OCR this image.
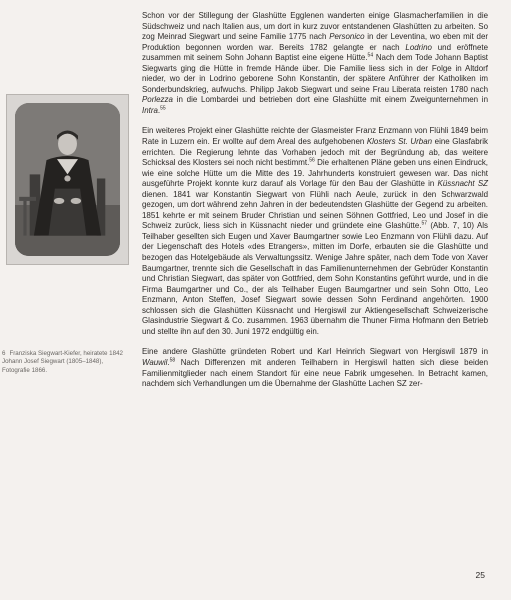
6 Franziska Siegwart-Kiefer, heiratete 1842 Johann Josef Siegwart (1805–1848), Fotografie 1866.

Schon vor der Stillegung der Glashütte Egglenen wanderten einige Glasmacherfamilien in die Südschweiz und nach Italien aus, um dort in kurz zuvor entstandenen Glashütten zu arbeiten. So zog Meinrad Siegwart und seine Familie 1775 nach Personico in der Leventina, wo eben mit der Produktion begonnen worden war. Bereits 1782 gelangte er nach Lodrino und eröffnete zusammen mit seinem Sohn Johann Baptist eine eigene Hütte.$^{54}$ Nach dem Tode Johann Baptist Siegwarts ging die Hütte in fremde Hände über. Die Familie liess sich in der Folge in Altdorf nieder, wo der in Lodrino geborene Sohn Konstantin, der spätere Anführer der Katholiken im Sonderbundskrieg, aufwuchs. Philipp Jakob Siegwart und seine Frau Liberata reisten 1780 nach Porlezza in die Lombardei und betrieben dort eine Glashütte mit einem Zweigunternehmen in Intra.$^{55}$

Ein weiteres Projekt einer Glashütte reichte der Glasmeister Franz Enzmann von Flühli 1849 beim Rate in Luzern ein. Er wollte auf dem Areal des aufgehobenen Klosters St. Urban eine Glasfabrik errichten. Die Regierung lehnte das Vorhaben jedoch mit der Begründung ab, das weitere Schicksal des Klosters sei noch nicht bestimmt.$^{56}$ Die erhaltenen Pläne geben uns einen Eindruck, wie eine solche Hütte um die Mitte des 19. Jahrhunderts konstruiert gewesen war. Das nicht ausgeführte Projekt konnte kurz darauf als Vorlage für den Bau der Glashütte in Küssnacht SZ dienen. 1841 war Konstantin Siegwart von Flühli nach Aeule, zurück in den Schwarzwald gezogen, um dort während zehn Jahren in der bedeutendsten Glashütte der Gegend zu arbeiten. 1851 kehrte er mit seinem Bruder Christian und seinen Söhnen Gottfried, Leo und Josef in die Schweiz zurück, liess sich in Küssnacht nieder und gründete eine Glashütte.$^{57}$ (Abb. 7, 10) Als Teilhaber gesellten sich Eugen und Xaver Baumgartner sowie Leo Enzmann von Flühli dazu. Auf der Liegenschaft des Hotels «des Etrangers», mitten im Dorfe, erbauten sie die Glashütte und bezogen das Hotelgebäude als Verwaltungssitz. Wenige Jahre später, nach dem Tode von Xaver Baumgartner, trennte sich die Gesellschaft in das Familienunternehmen der Gebrüder Konstantin und Christian Siegwart, das später von Gottfried, dem Sohn Konstantins geführt wurde, und in die Firma Baumgartner und Co., der als Teilhaber Eugen Baumgartner und sein Sohn Otto, Leo Enzmann, Anton Steffen, Josef Siegwart sowie dessen Sohn Ferdinand angehörten. 1900 schlossen sich die Glashütten Küssnacht und Hergiswil zur Aktiengesellschaft Schweizerische Glasindustrie Siegwart & Co. zusammen. 1963 übernahm die Thuner Firma Hofmann den Betrieb und stellte ihn auf den 30. Juni 1972 endgültig ein.

Eine andere Glashütte gründeten Robert und Karl Heinrich Siegwart von Hergiswil 1879 in Wauwil.$^{58}$ Nach Differenzen mit anderen Teilhabern in Hergiswil hatten sich diese beiden Familienmitglieder nach einem Standort für eine neue Fabrik umgesehen. In Betracht kamen, nachdem sich Verhandlungen um die Übernahme der Glashütte Lachen SZ zer-

25
